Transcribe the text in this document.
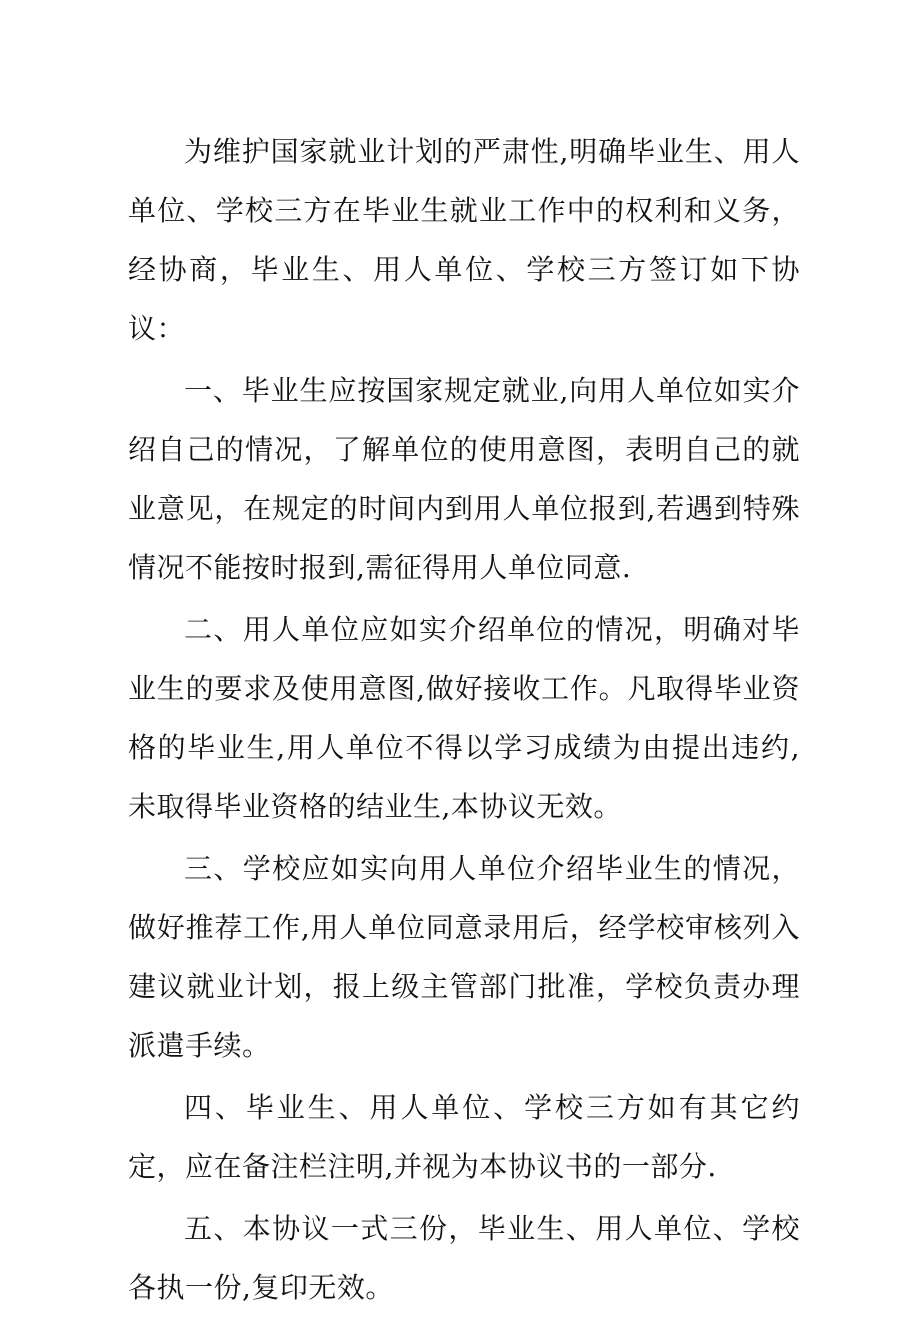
为维护国家就业计划的严肃性,明确毕业生、用人单位、学校三方在毕业生就业工作中的权利和义务，经协商，毕业生、用人单位、学校三方签订如下协议：

一、毕业生应按国家规定就业,向用人单位如实介绍自己的情况，了解单位的使用意图，表明自己的就业意见，在规定的时间内到用人单位报到,若遇到特殊情况不能按时报到,需征得用人单位同意.

二、用人单位应如实介绍单位的情况，明确对毕业生的要求及使用意图,做好接收工作。凡取得毕业资格的毕业生,用人单位不得以学习成绩为由提出违约,未取得毕业资格的结业生,本协议无效。

三、学校应如实向用人单位介绍毕业生的情况，做好推荐工作,用人单位同意录用后，经学校审核列入建议就业计划，报上级主管部门批准，学校负责办理派遣手续。

四、毕业生、用人单位、学校三方如有其它约定，应在备注栏注明,并视为本协议书的一部分.

五、本协议一式三份，毕业生、用人单位、学校各执一份,复印无效。
